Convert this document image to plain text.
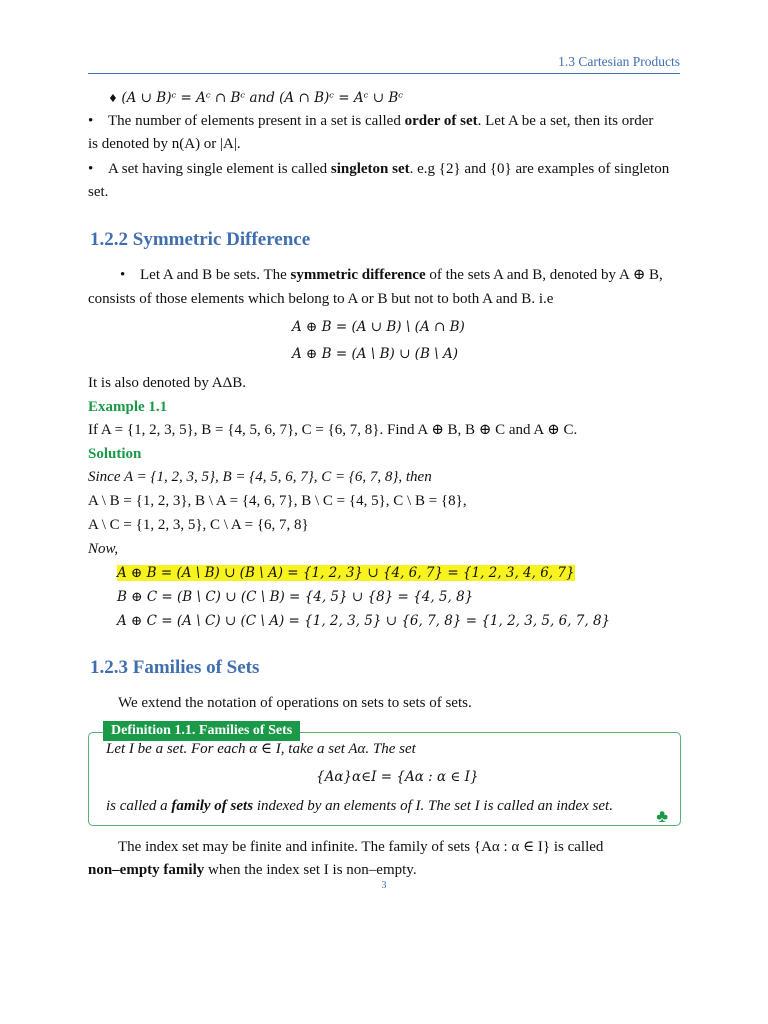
1.3 Cartesian Products
♦ (A ∪ B)ᶜ = Aᶜ ∩ Bᶜ and (A ∩ B)ᶜ = Aᶜ ∪ Bᶜ
• The number of elements present in a set is called order of set. Let A be a set, then its order
is denoted by n(A) or |A|.
• A set having single element is called singleton set. e.g {2} and {0} are examples of singleton
set.
1.2.2 Symmetric Difference
• Let A and B be sets. The symmetric difference of the sets A and B, denoted by A ⊕ B,
consists of those elements which belong to A or B but not to both A and B. i.e
A ⊕ B = (A ∪ B) \ (A ∩ B)
A ⊕ B = (A \ B) ∪ (B \ A)
It is also denoted by AΔB.
Example 1.1
If A = {1, 2, 3, 5}, B = {4, 5, 6, 7}, C = {6, 7, 8}. Find A ⊕ B, B ⊕ C and A ⊕ C.
Solution
Since A = {1, 2, 3, 5}, B = {4, 5, 6, 7}, C = {6, 7, 8}, then
A \ B = {1, 2, 3}, B \ A = {4, 6, 7}, B \ C = {4, 5}, C \ B = {8},
A \ C = {1, 2, 3, 5}, C \ A = {6, 7, 8}
Now,
A ⊕ B = (A \ B) ∪ (B \ A) = {1, 2, 3} ∪ {4, 6, 7} = {1, 2, 3, 4, 6, 7}
B ⊕ C = (B \ C) ∪ (C \ B) = {4, 5} ∪ {8} = {4, 5, 8}
A ⊕ C = (A \ C) ∪ (C \ A) = {1, 2, 3, 5} ∪ {6, 7, 8} = {1, 2, 3, 5, 6, 7, 8}
1.2.3 Families of Sets
We extend the notation of operations on sets to sets of sets.
Definition 1.1. Families of Sets
Let I be a set. For each α ∈ I, take a set Aα. The set
{Aα}α∈I = {Aα : α ∈ I}
is called a family of sets indexed by an elements of I. The set I is called an index set. ♣
The index set may be finite and infinite. The family of sets {Aα : α ∈ I} is called
non–empty family when the index set I is non–empty.
3
